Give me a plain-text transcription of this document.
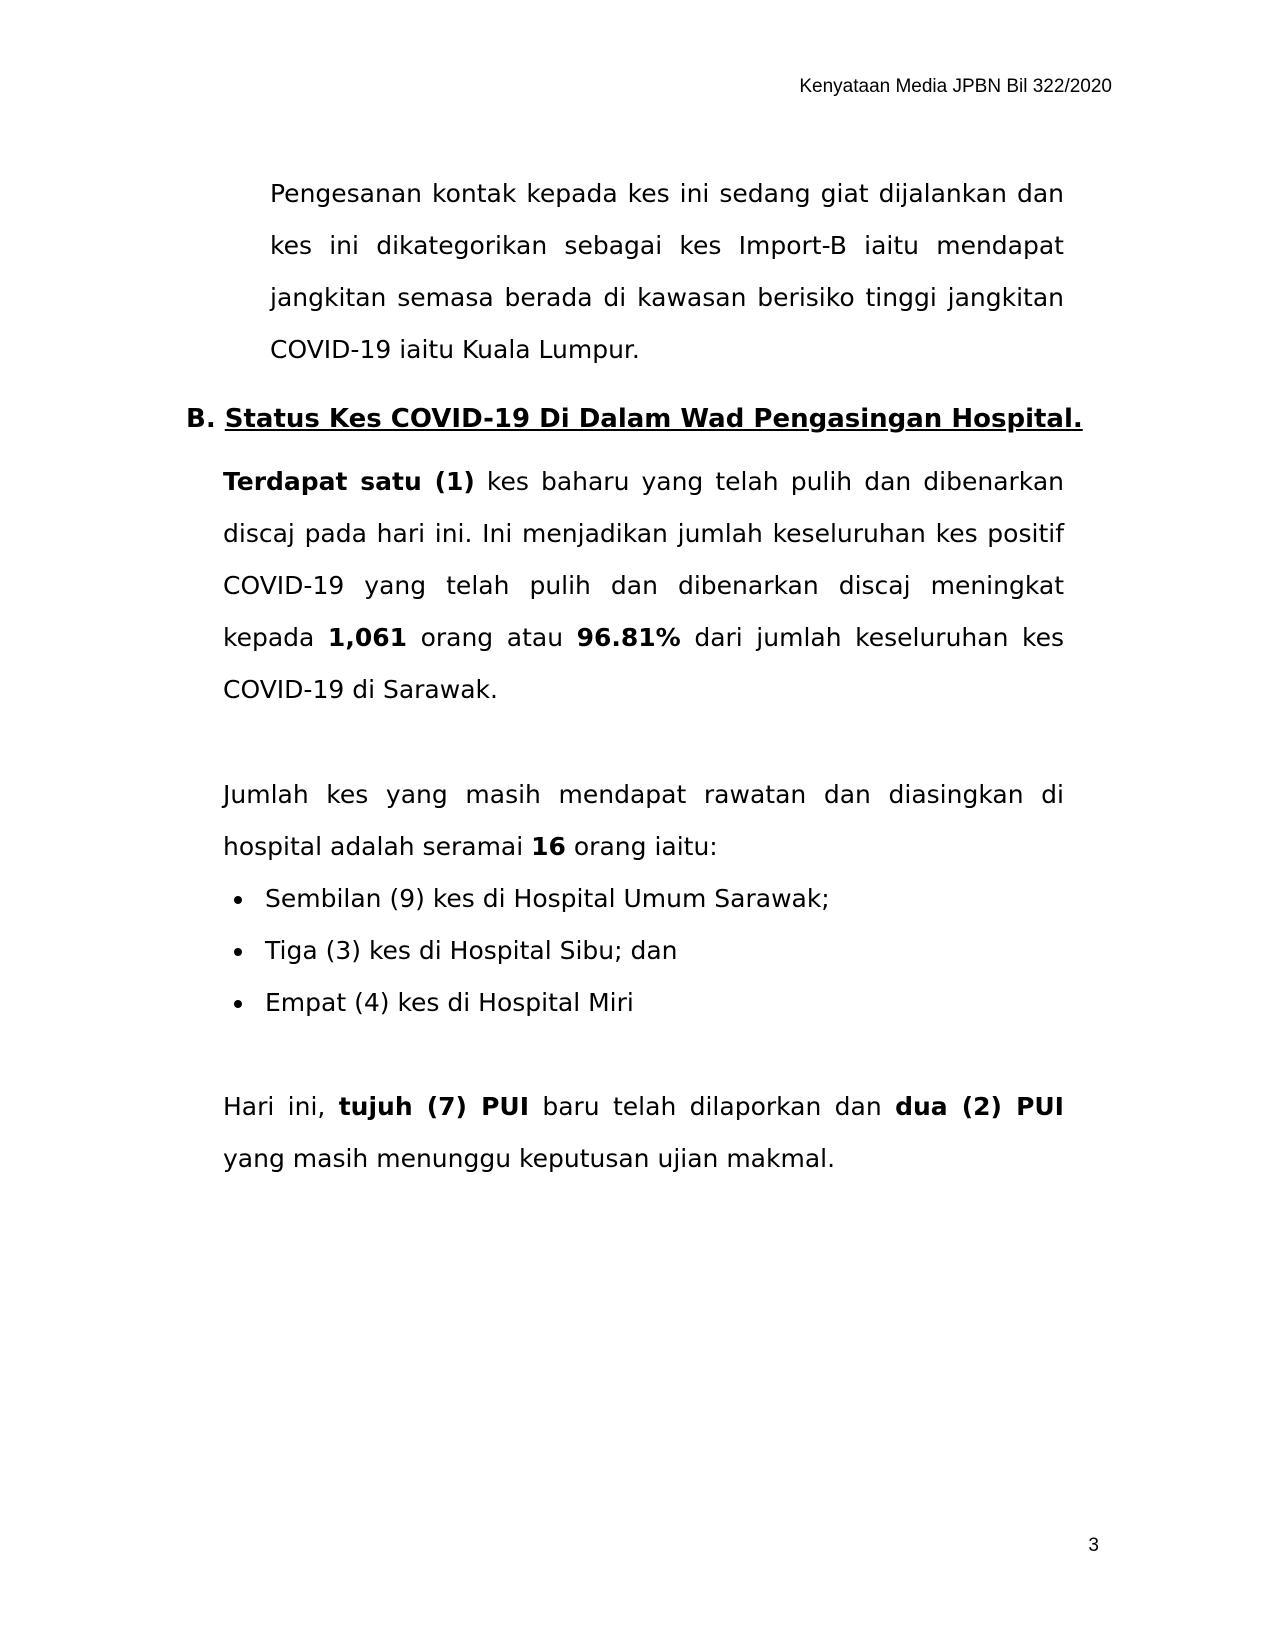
Kenyataan Media JPBN Bil 322/2020
Pengesanan kontak kepada kes ini sedang giat dijalankan dan
kes ini dikategorikan sebagai kes Import-B iaitu mendapat
jangkitan semasa berada di kawasan berisiko tinggi jangkitan
COVID-19 iaitu Kuala Lumpur.
B. Status Kes COVID-19 Di Dalam Wad Pengasingan Hospital.
Terdapat satu (1) kes baharu yang telah pulih dan dibenarkan
discaj pada hari ini. Ini menjadikan jumlah keseluruhan kes positif
COVID-19 yang telah pulih dan dibenarkan discaj meningkat
kepada 1,061 orang atau 96.81% dari jumlah keseluruhan kes
COVID-19 di Sarawak.
Jumlah kes yang masih mendapat rawatan dan diasingkan di
hospital adalah seramai 16 orang iaitu:
Sembilan (9) kes di Hospital Umum Sarawak;
Tiga (3) kes di Hospital Sibu; dan
Empat (4) kes di Hospital Miri
Hari ini, tujuh (7) PUI baru telah dilaporkan dan dua (2) PUI
yang masih menunggu keputusan ujian makmal.
3
